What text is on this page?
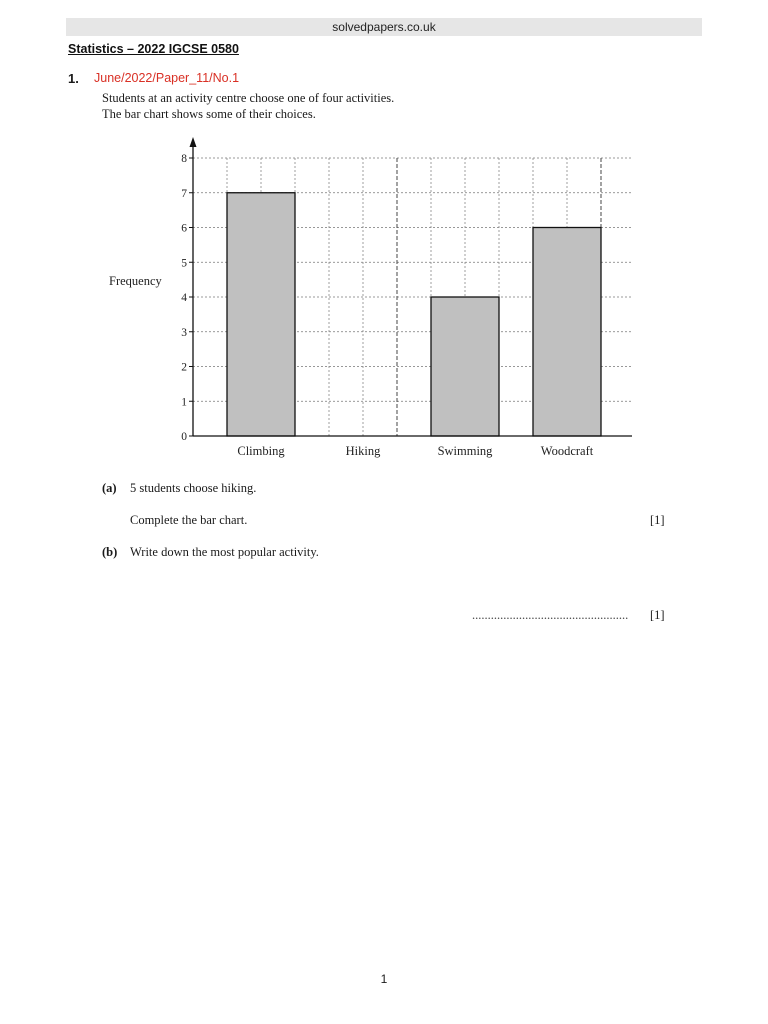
solvedpapers.co.uk
Statistics – 2022 IGCSE 0580
1. June/2022/Paper_11/No.1
Students at an activity centre choose one of four activities.
The bar chart shows some of their choices.
Climbing	Hiking	Swimming	Woodcraft
0
1
2
3
4
5
6
7
8
Frequency
(a) 5 students choose hiking.
Complete the bar chart.	[1]
(b) Write down the most popular activity.
.................................................. [1]
1
